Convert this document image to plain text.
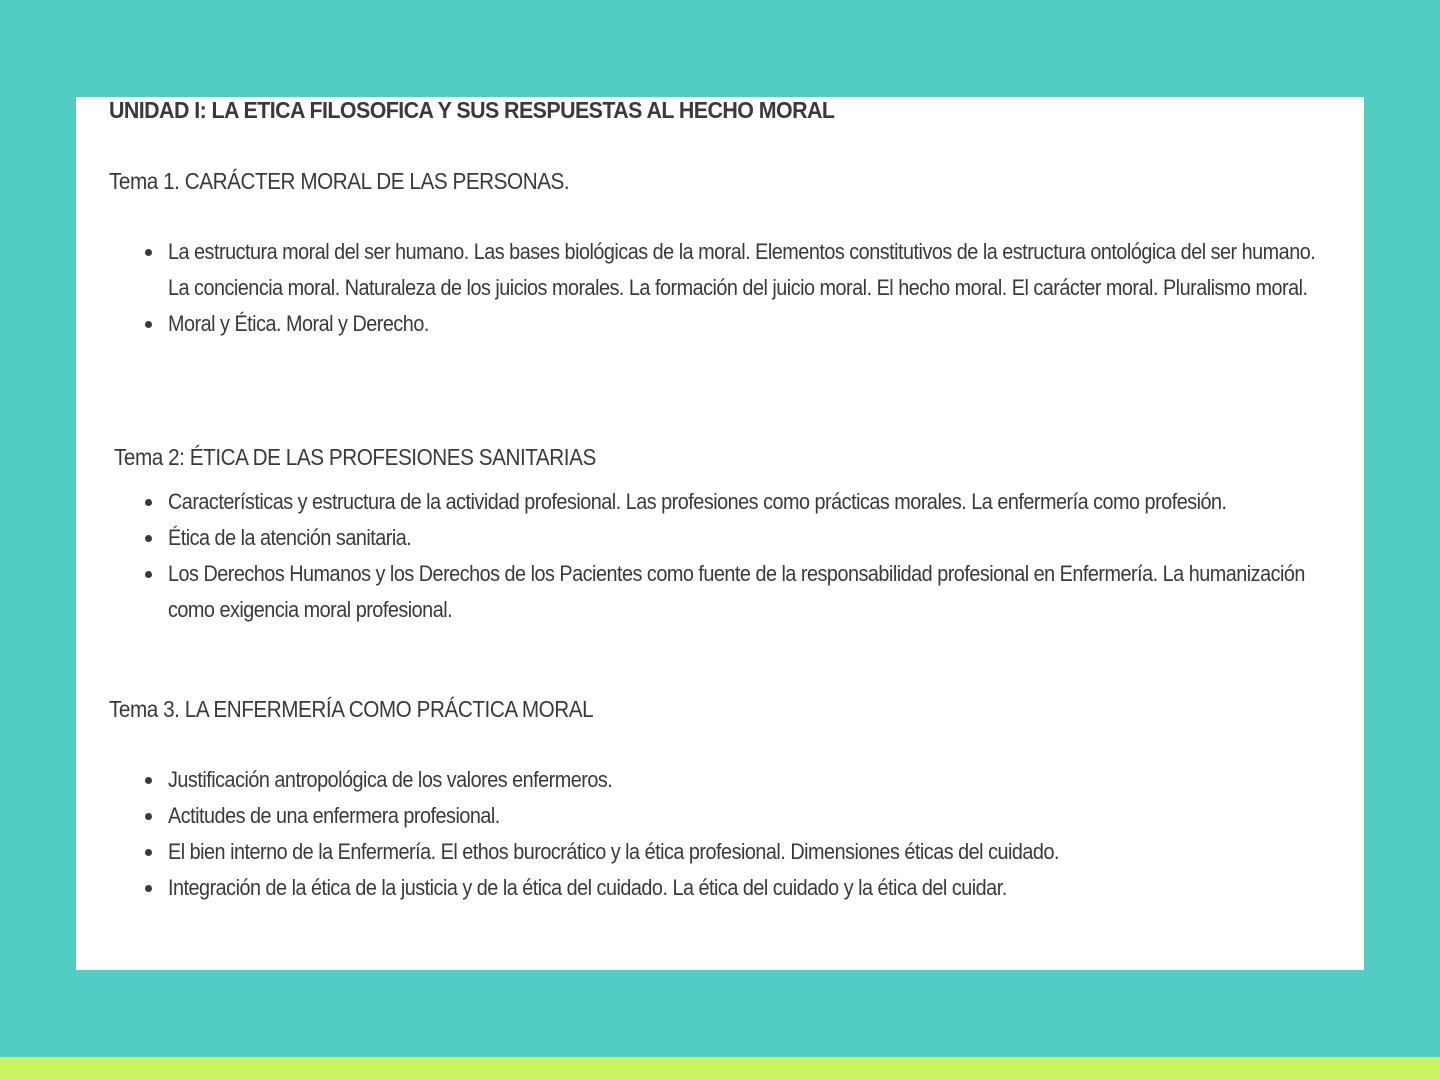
UNIDAD I: LA ETICA FILOSOFICA Y SUS RESPUESTAS AL HECHO MORAL
Tema 1. CARÁCTER MORAL DE LAS PERSONAS.
La estructura moral del ser humano. Las bases biológicas de la moral. Elementos constitutivos de la estructura ontológica del ser humano. La conciencia moral. Naturaleza de los juicios morales. La formación del juicio moral. El hecho moral. El carácter moral. Pluralismo moral.
Moral y Ética. Moral y Derecho.
Tema 2: ÉTICA DE LAS PROFESIONES SANITARIAS
Características y estructura de la actividad profesional. Las profesiones como prácticas morales. La enfermería como profesión.
Ética de la atención sanitaria.
Los Derechos Humanos y los Derechos de los Pacientes como fuente de la responsabilidad profesional en Enfermería. La humanización como exigencia moral profesional.
Tema 3. LA ENFERMERÍA COMO PRÁCTICA MORAL
Justificación antropológica de los valores enfermeros.
Actitudes de una enfermera profesional.
El bien interno de la Enfermería. El ethos burocrático y la ética profesional. Dimensiones éticas del cuidado.
Integración de la ética de la justicia y de la ética del cuidado. La ética del cuidado y la ética del cuidar.
